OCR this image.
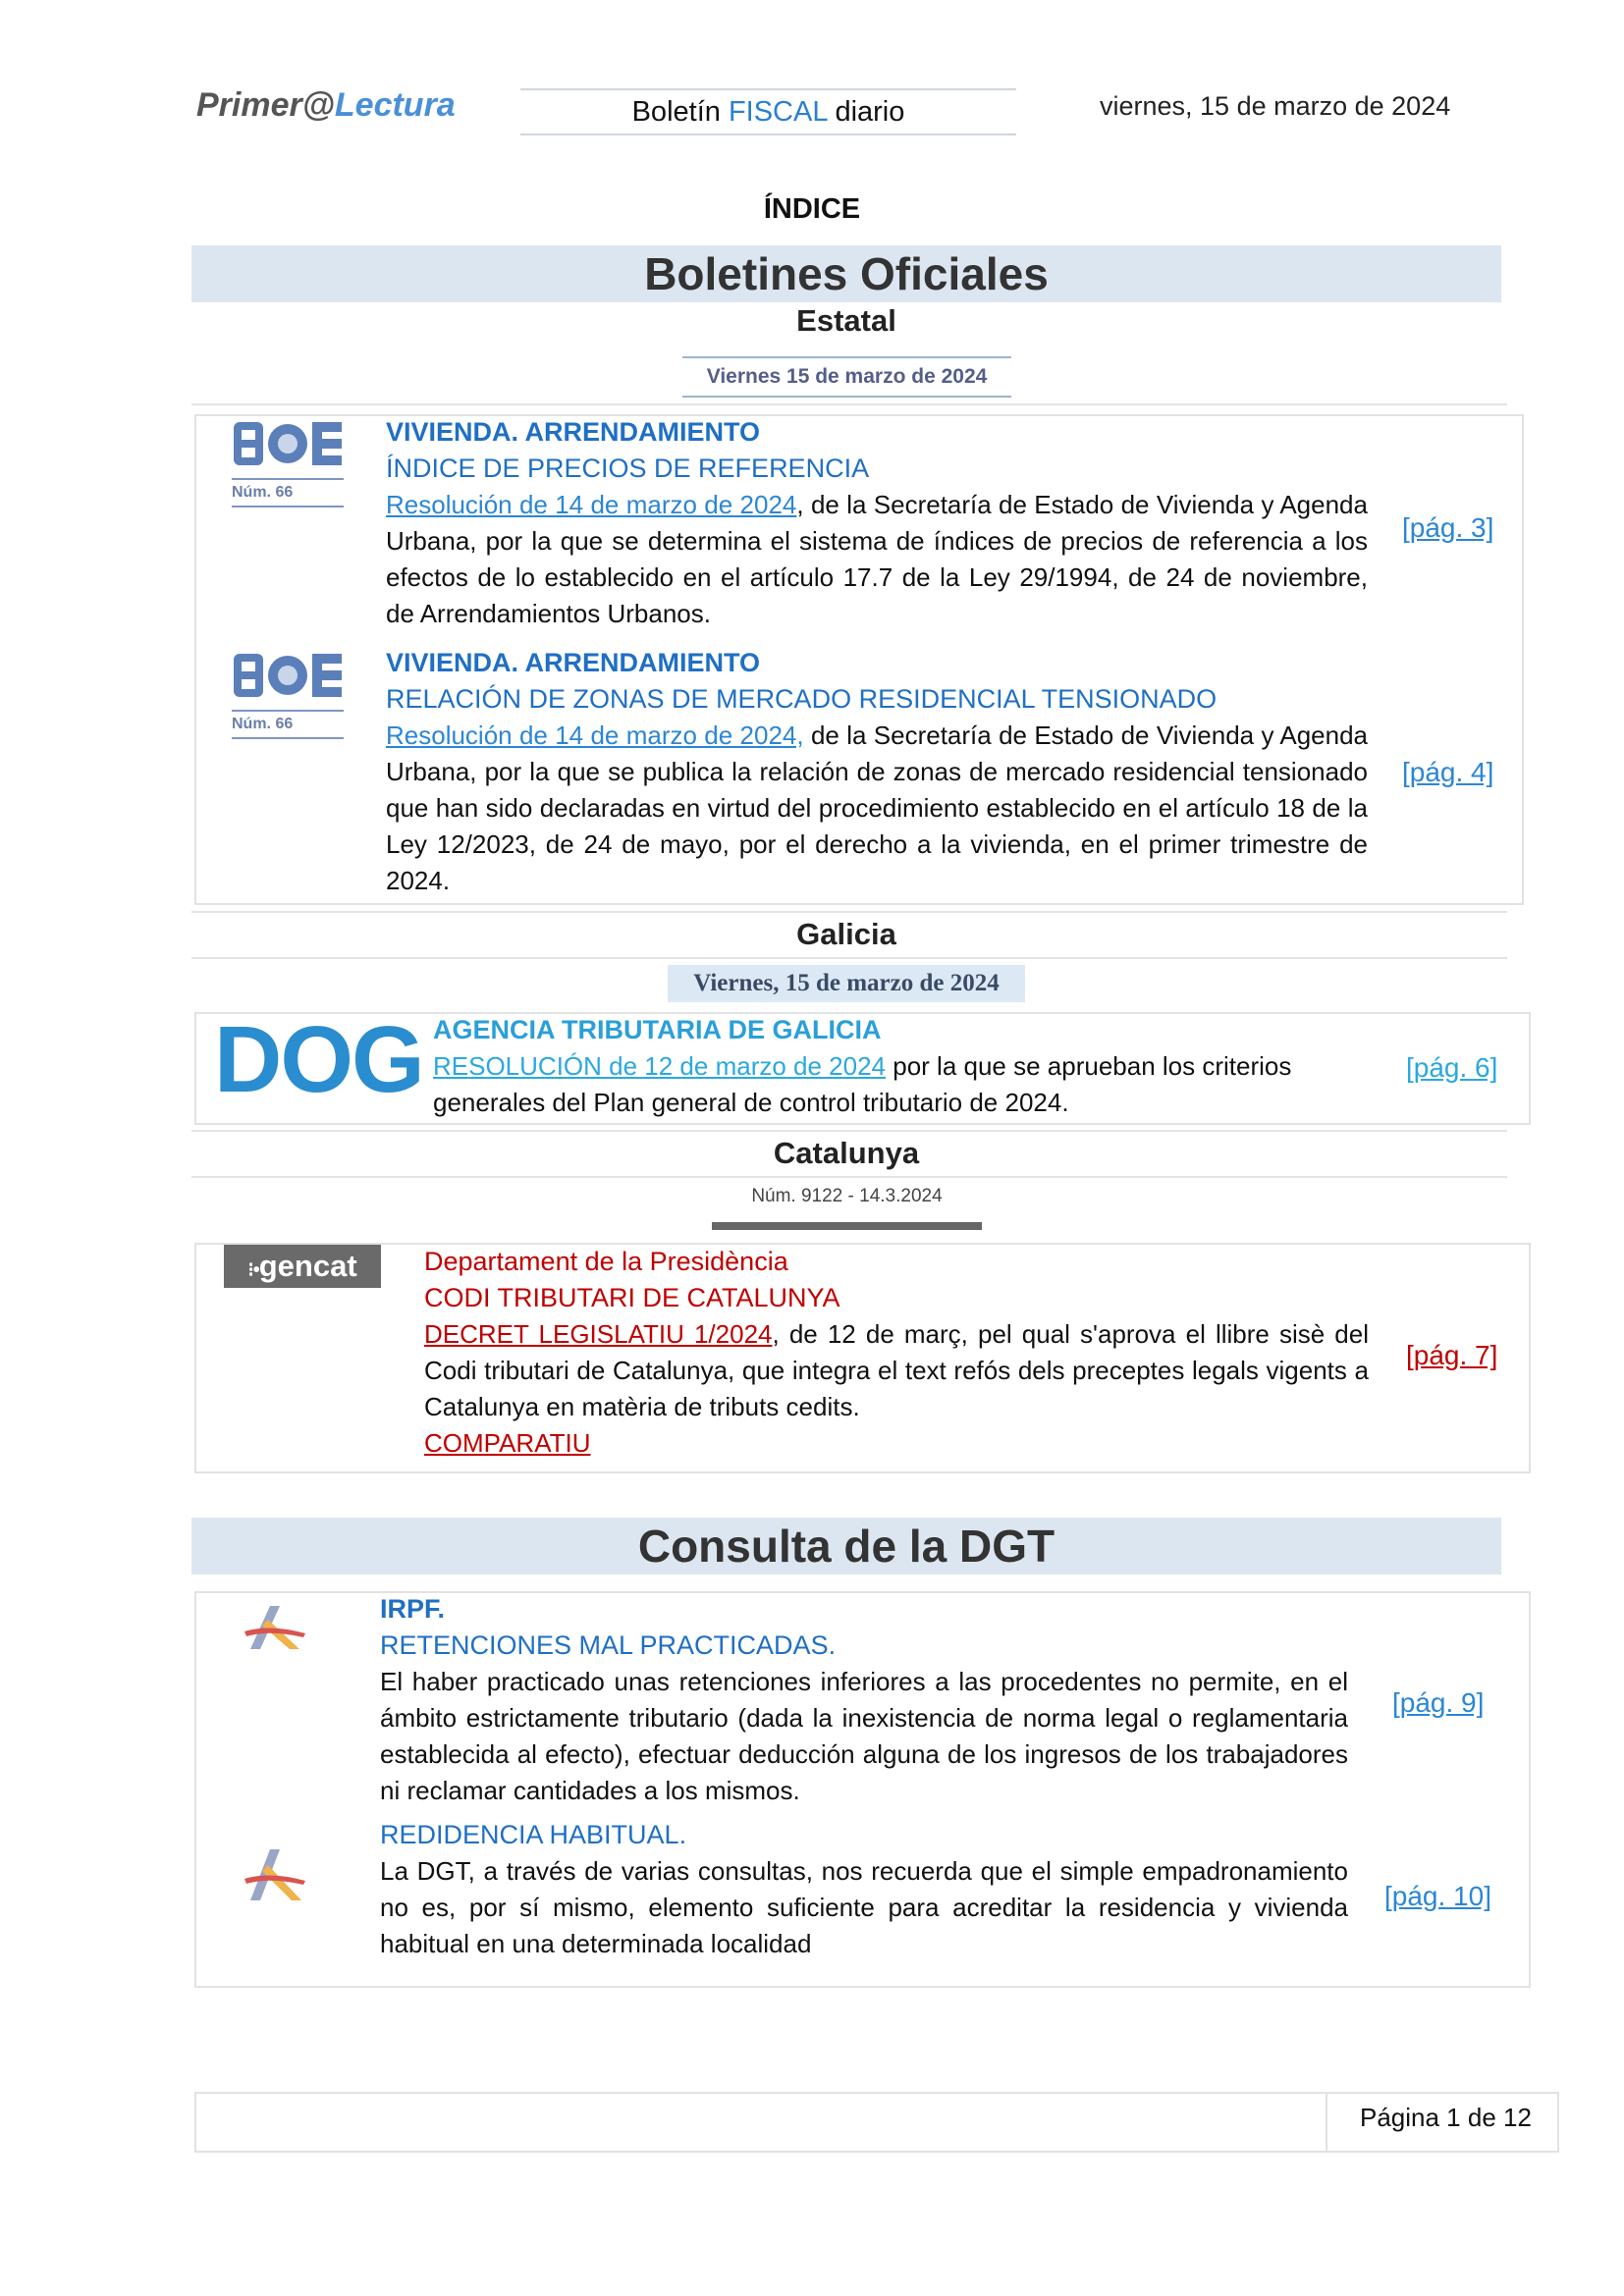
Primer@Lectura	Boletín FISCAL diario	viernes, 15 de marzo de 2024
ÍNDICE
Boletines Oficiales
Estatal
Viernes 15 de marzo de 2024
Núm. 66
VIVIENDA. ARRENDAMIENTO
ÍNDICE DE PRECIOS DE REFERENCIA
Resolución de 14 de marzo de 2024, de la Secretaría de Estado de Vivienda y Agenda Urbana, por la que se determina el sistema de índices de precios de referencia a los efectos de lo establecido en el artículo 17.7 de la Ley 29/1994, de 24 de noviembre, de Arrendamientos Urbanos.
[pág. 3]
Núm. 66
VIVIENDA. ARRENDAMIENTO
RELACIÓN DE ZONAS DE MERCADO RESIDENCIAL TENSIONADO
Resolución de 14 de marzo de 2024, de la Secretaría de Estado de Vivienda y Agenda Urbana, por la que se publica la relación de zonas de mercado residencial tensionado que han sido declaradas en virtud del procedimiento establecido en el artículo 18 de la Ley 12/2023, de 24 de mayo, por el derecho a la vivienda, en el primer trimestre de 2024.
[pág. 4]
Galicia
Viernes, 15 de marzo de 2024
DOG AGENCIA TRIBUTARIA DE GALICIA
RESOLUCIÓN de 12 de marzo de 2024 por la que se aprueban los criterios generales del Plan general de control tributario de 2024.
[pág. 6]
Catalunya
Núm. 9122 - 14.3.2024
⁝•gencat	Departament de la Presidència
CODI TRIBUTARI DE CATALUNYA
DECRET LEGISLATIU 1/2024, de 12 de març, pel qual s'aprova el llibre sisè del Codi tributari de Catalunya, que integra el text refós dels preceptes legals vigents a Catalunya en matèria de tributs cedits.
COMPARATIU
[pág. 7]
Consulta de la DGT
IRPF.
RETENCIONES MAL PRACTICADAS.
El haber practicado unas retenciones inferiores a las procedentes no permite, en el ámbito estrictamente tributario (dada la inexistencia de norma legal o reglamentaria establecida al efecto), efectuar deducción alguna de los ingresos de los trabajadores ni reclamar cantidades a los mismos.
[pág. 9]
REDIDENCIA HABITUAL.
La DGT, a través de varias consultas, nos recuerda que el simple empadronamiento no es, por sí mismo, elemento suficiente para acreditar la residencia y vivienda habitual en una determinada localidad
[pág. 10]
Página 1 de 12
